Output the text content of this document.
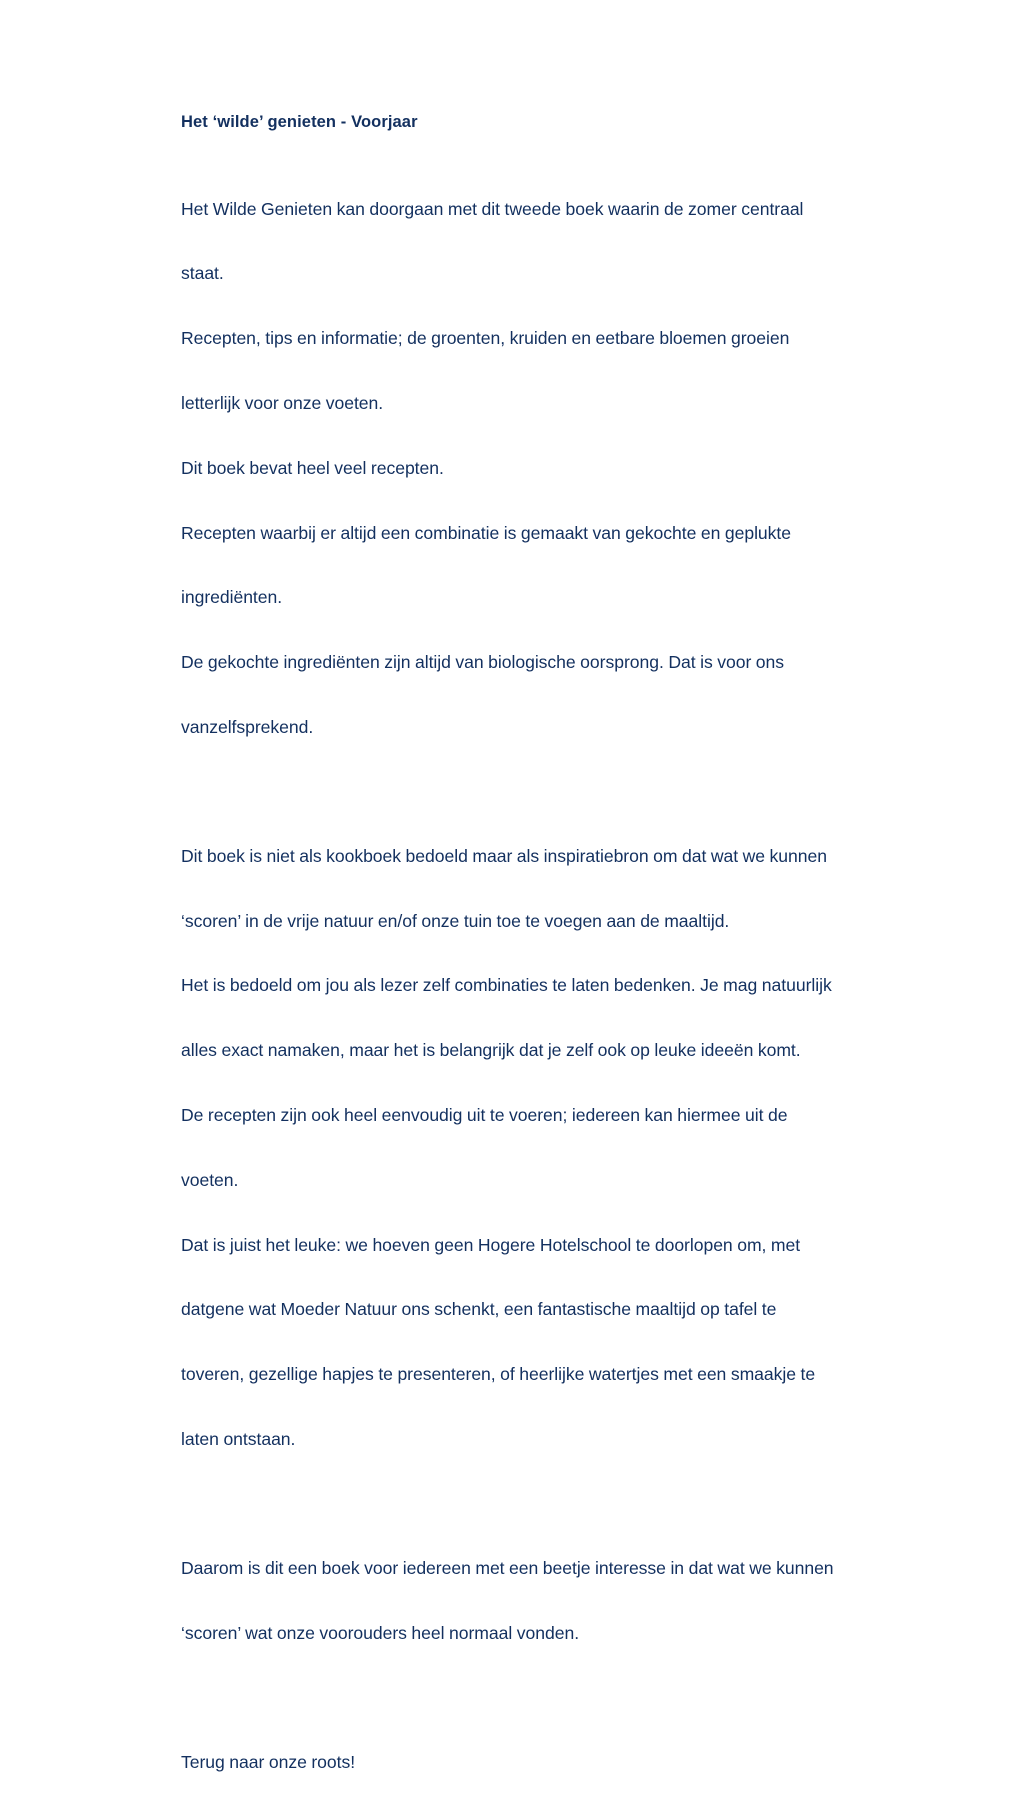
Het ‘wilde’ genieten - Voorjaar

Het Wilde Genieten kan doorgaan met dit tweede boek waarin de zomer centraal

staat.

Recepten, tips en informatie; de groenten, kruiden en eetbare bloemen groeien

letterlijk voor onze voeten.

Dit boek bevat heel veel recepten.

Recepten waarbij er altijd een combinatie is gemaakt van gekochte en geplukte

ingrediënten.

De gekochte ingrediënten zijn altijd van biologische oorsprong. Dat is voor ons

vanzelfsprekend.

Dit boek is niet als kookboek bedoeld maar als inspiratiebron om dat wat we kunnen

‘scoren’ in de vrije natuur en/of onze tuin toe te voegen aan de maaltijd.

Het is bedoeld om jou als lezer zelf combinaties te laten bedenken. Je mag natuurlijk

alles exact namaken, maar het is belangrijk dat je zelf ook op leuke ideeën komt.

De recepten zijn ook heel eenvoudig uit te voeren; iedereen kan hiermee uit de

voeten.

Dat is juist het leuke: we hoeven geen Hogere Hotelschool te doorlopen om, met

datgene wat Moeder Natuur ons schenkt, een fantastische maaltijd op tafel te

toveren, gezellige hapjes te presenteren, of heerlijke watertjes met een smaakje te

laten ontstaan.

Daarom is dit een boek voor iedereen met een beetje interesse in dat wat we kunnen

‘scoren’ wat onze voorouders heel normaal vonden.

Terug naar onze roots!
